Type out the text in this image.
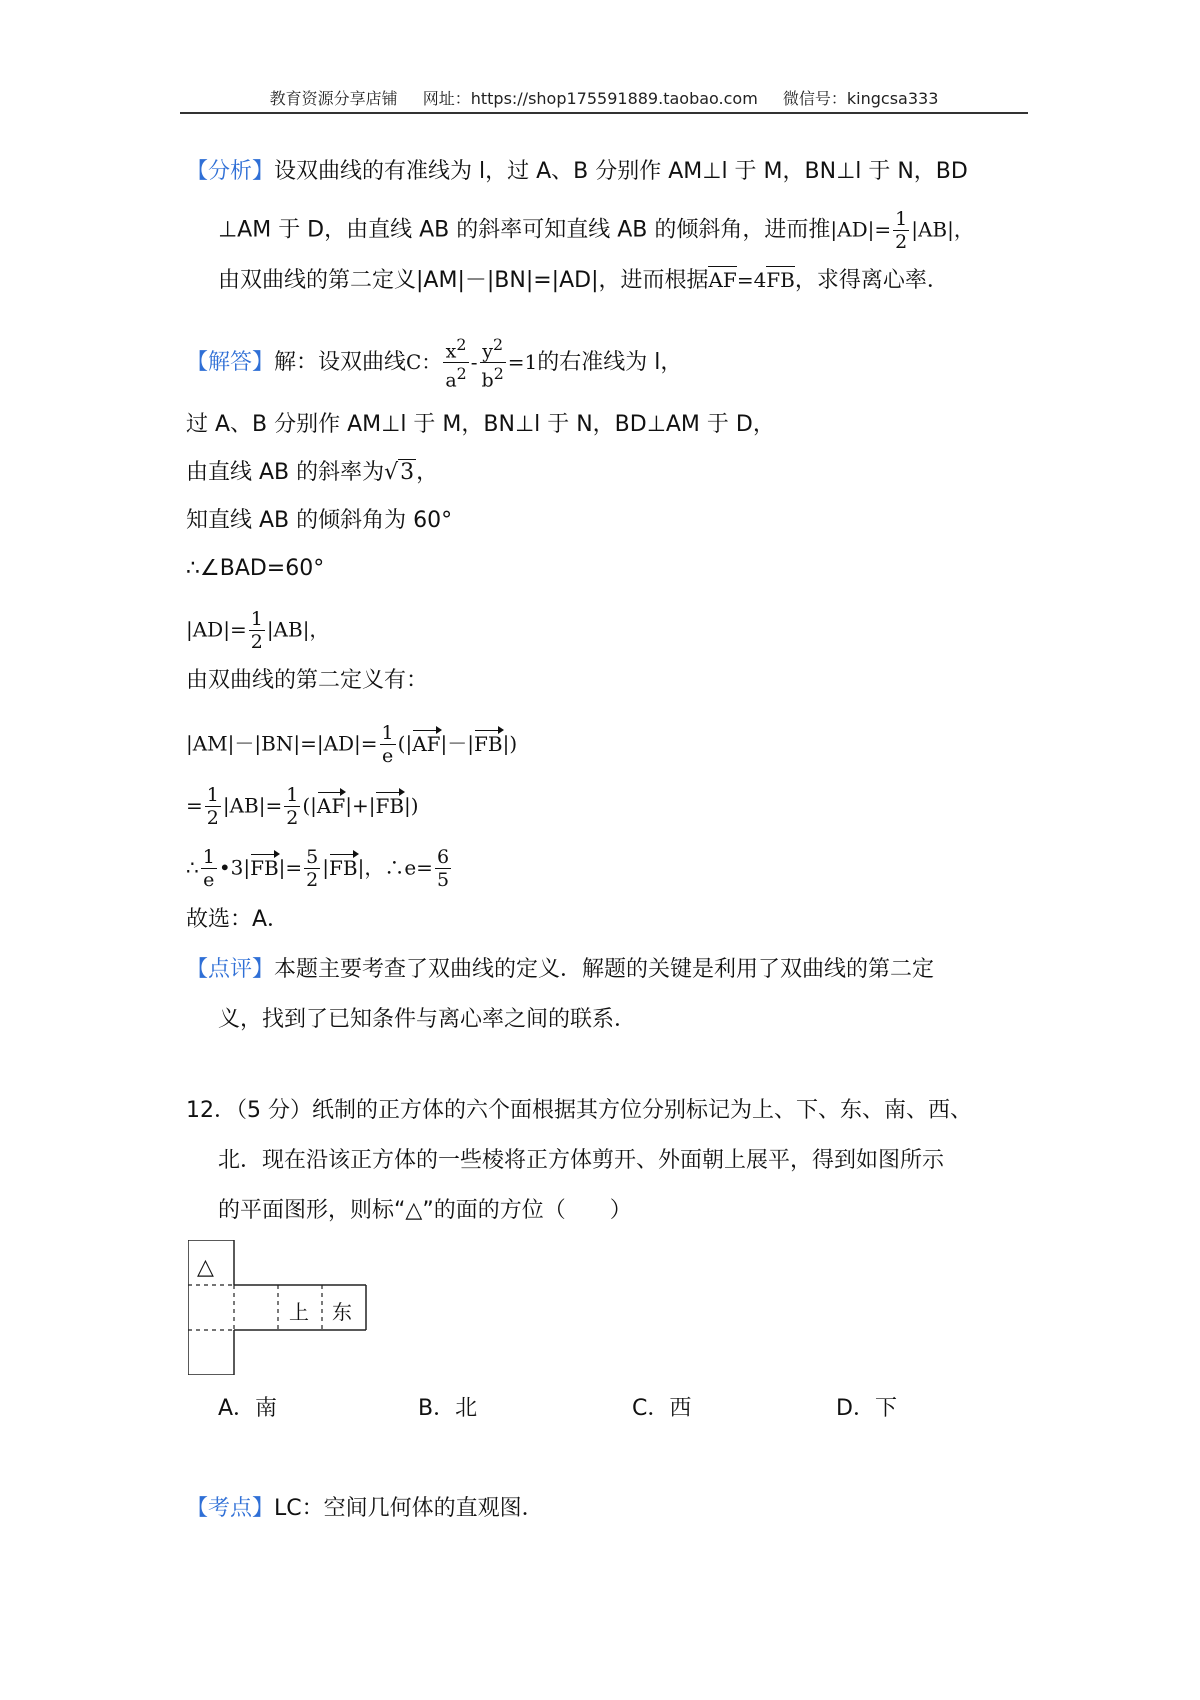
教育资源分享店铺 网址：https://shop175591889.taobao.com 微信号：kingcsa333
【分析】设双曲线的有准线为 l，过 A、B 分别作 AM⊥l 于 M，BN⊥l 于 N，BD
⊥AM 于 D，由直线 AB 的斜率可知直线 AB 的倾斜角，进而推$|AD|= \frac{1}{2} |AB|$，
由双曲线的第二定义|AM|－|BN|=|AD|，进而根据AF=4FB，求得离心率．
【解答】解：设双曲线C： $\frac{x^2}{a^2} - \frac{y^2}{b^2} =1$的右准线为 l，
过 A、B 分别作 AM⊥l 于 M，BN⊥l 于 N，BD⊥AM 于 D，
由直线 AB 的斜率为√3，
知直线 AB 的倾斜角为 60°
∴∠BAD=60°
$|AD|= \frac{1}{2} |AB|$，
由双曲线的第二定义有：
$|AM|-|BN|=|AD|= \frac{1}{e} (|AF|-|FB|)$
= $\frac{1}{2} |AB|= \frac{1}{2} (|AF|+|FB|)$
∴ $\frac{1}{e}$ •3|FB|= $\frac{5}{2} |FB|$，∴e= $\frac{6}{5}$
故选：A．
【点评】本题主要考查了双曲线的定义．解题的关键是利用了双曲线的第二定
义，找到了已知条件与离心率之间的联系．
12．（5 分）纸制的正方体的六个面根据其方位分别标记为上、下、东、南、西、
北．现在沿该正方体的一些棱将正方体剪开、外面朝上展平，得到如图所示
的平面图形，则标“△”的面的方位（　　）
△
上 东
A．南	B．北	C．西	D．下
【考点】LC：空间几何体的直观图．
